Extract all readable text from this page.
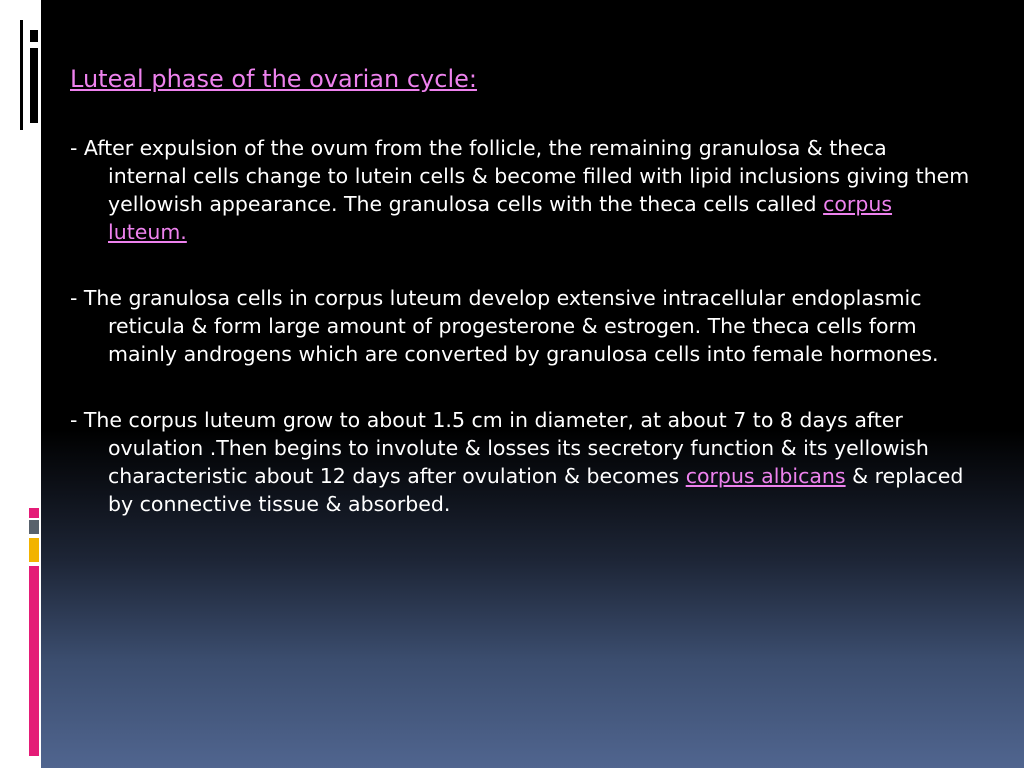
Luteal phase of the ovarian cycle:

- After expulsion of the ovum from the follicle, the remaining granulosa & theca internal cells change to lutein cells & become filled with lipid inclusions giving them yellowish appearance. The granulosa cells with the theca cells called corpus luteum.

- The granulosa cells in corpus luteum develop extensive intracellular endoplasmic reticula & form large amount of progesterone & estrogen. The theca cells form mainly androgens which are converted by granulosa cells into female hormones.

- The corpus luteum grow to about 1.5 cm in diameter, at about 7 to 8 days after ovulation .Then begins to involute & losses its secretory function & its yellowish characteristic about 12 days after ovulation & becomes corpus albicans & replaced by connective tissue & absorbed.
